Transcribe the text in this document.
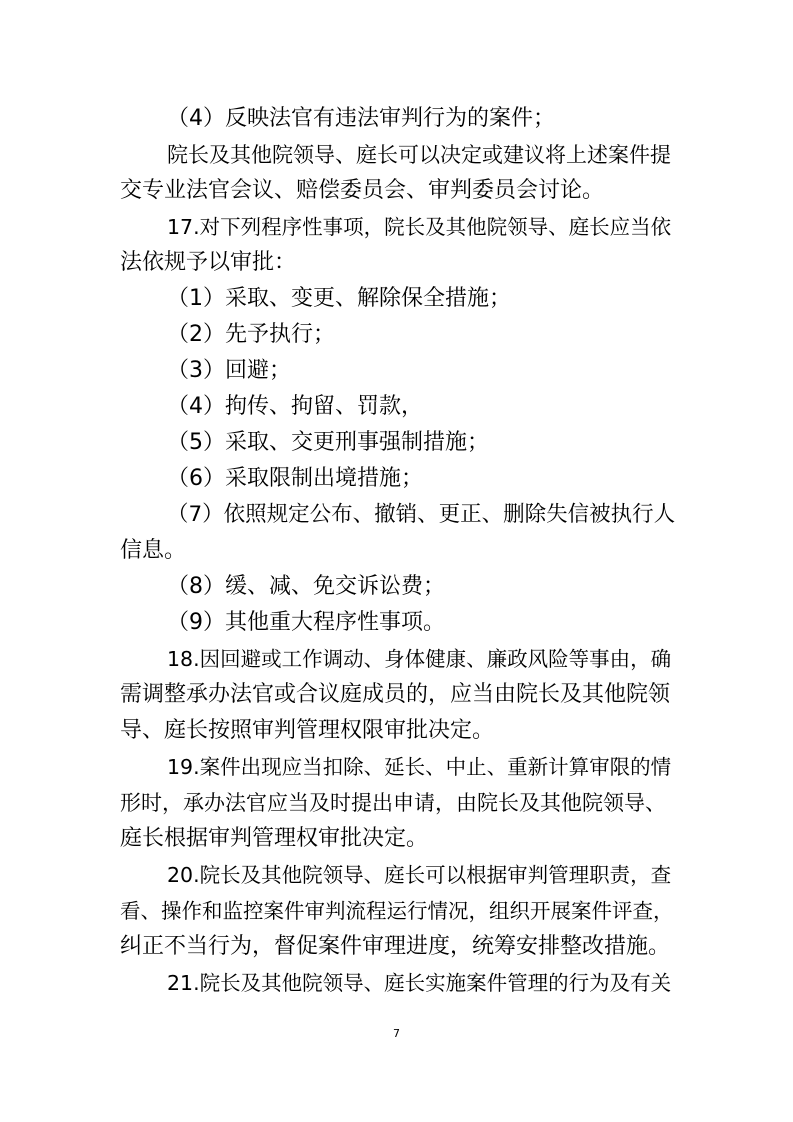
（4）反映法官有违法审判行为的案件；

院长及其他院领导、庭长可以决定或建议将上述案件提

交专业法官会议、赔偿委员会、审判委员会讨论。

17.对下列程序性事项，院长及其他院领导、庭长应当依

法依规予以审批：

（1）采取、变更、解除保全措施；

（2）先予执行；

（3）回避；

（4）拘传、拘留、罚款，

（5）采取、交更刑事强制措施；

（6）采取限制出境措施；

（7）依照规定公布、撤销、更正、删除失信被执行人

信息。

（8）缓、减、免交诉讼费；

（9）其他重大程序性事项。

18.因回避或工作调动、身体健康、廉政风险等事由，确

需调整承办法官或合议庭成员的，应当由院长及其他院领

导、庭长按照审判管理权限审批决定。

19.案件出现应当扣除、延长、中止、重新计算审限的情

形时，承办法官应当及时提出申请，由院长及其他院领导、

庭长根据审判管理权审批决定。

20.院长及其他院领导、庭长可以根据审判管理职责，查

看、操作和监控案件审判流程运行情况，组织开展案件评查，

纠正不当行为，督促案件审理进度，统筹安排整改措施。

21.院长及其他院领导、庭长实施案件管理的行为及有关

7
